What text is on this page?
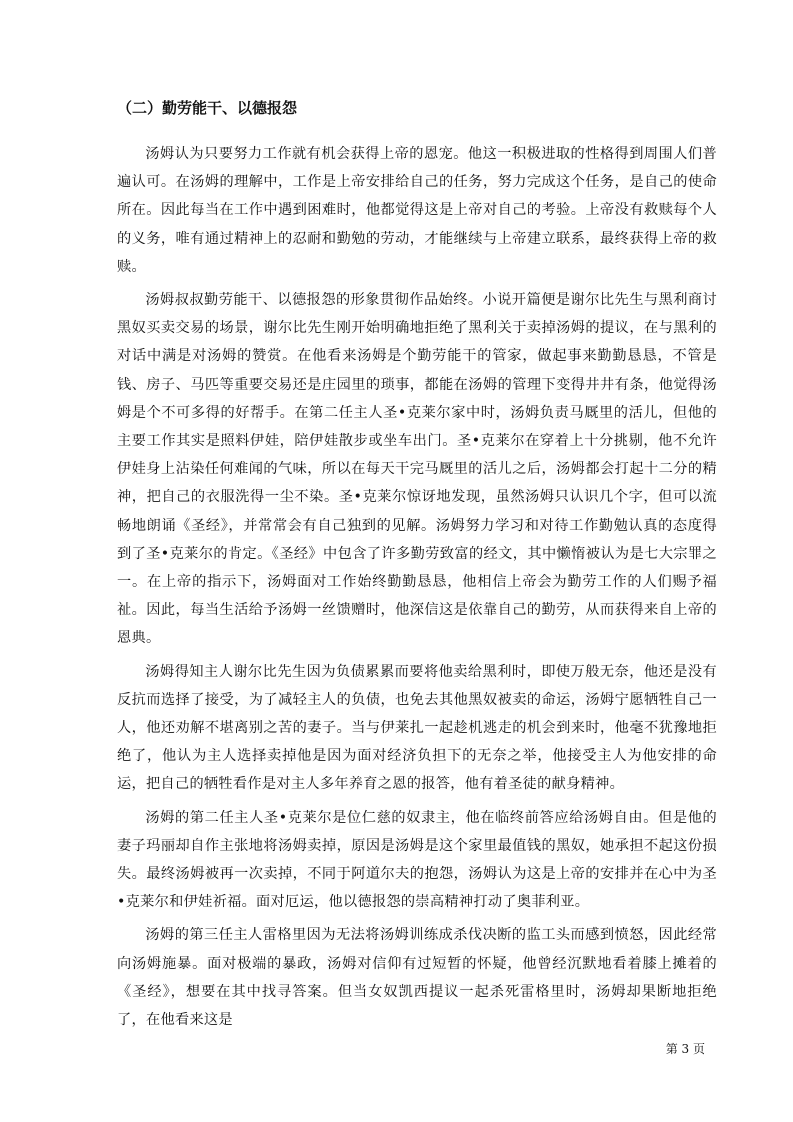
（二）勤劳能干、以德报怨

汤姆认为只要努力工作就有机会获得上帝的恩宠。他这一积极进取的性格得到周围人们普遍认可。在汤姆的理解中，工作是上帝安排给自己的任务，努力完成这个任务，是自己的使命所在。因此每当在工作中遇到困难时，他都觉得这是上帝对自己的考验。上帝没有救赎每个人的义务，唯有通过精神上的忍耐和勤勉的劳动，才能继续与上帝建立联系，最终获得上帝的救赎。

汤姆叔叔勤劳能干、以德报怨的形象贯彻作品始终。小说开篇便是谢尔比先生与黑利商讨黑奴买卖交易的场景，谢尔比先生刚开始明确地拒绝了黑利关于卖掉汤姆的提议，在与黑利的对话中满是对汤姆的赞赏。在他看来汤姆是个勤劳能干的管家，做起事来勤勤恳恳，不管是钱、房子、马匹等重要交易还是庄园里的琐事，都能在汤姆的管理下变得井井有条，他觉得汤姆是个不可多得的好帮手。在第二任主人圣•克莱尔家中时，汤姆负责马厩里的活儿，但他的主要工作其实是照料伊娃，陪伊娃散步或坐车出门。圣•克莱尔在穿着上十分挑剔，他不允许伊娃身上沾染任何难闻的气味，所以在每天干完马厩里的活儿之后，汤姆都会打起十二分的精神，把自己的衣服洗得一尘不染。圣•克莱尔惊讶地发现，虽然汤姆只认识几个字，但可以流畅地朗诵《圣经》，并常常会有自己独到的见解。汤姆努力学习和对待工作勤勉认真的态度得到了圣•克莱尔的肯定。《圣经》中包含了许多勤劳致富的经文，其中懒惰被认为是七大宗罪之一。在上帝的指示下，汤姆面对工作始终勤勤恳恳，他相信上帝会为勤劳工作的人们赐予福祉。因此，每当生活给予汤姆一丝馈赠时，他深信这是依靠自己的勤劳，从而获得来自上帝的恩典。

汤姆得知主人谢尔比先生因为负债累累而要将他卖给黑利时，即使万般无奈，他还是没有反抗而选择了接受，为了减轻主人的负债，也免去其他黑奴被卖的命运，汤姆宁愿牺牲自己一人，他还劝解不堪离别之苦的妻子。当与伊莱扎一起趁机逃走的机会到来时，他毫不犹豫地拒绝了，他认为主人选择卖掉他是因为面对经济负担下的无奈之举，他接受主人为他安排的命运，把自己的牺牲看作是对主人多年养育之恩的报答，他有着圣徒的献身精神。

汤姆的第二任主人圣•克莱尔是位仁慈的奴隶主，他在临终前答应给汤姆自由。但是他的妻子玛丽却自作主张地将汤姆卖掉，原因是汤姆是这个家里最值钱的黑奴，她承担不起这份损失。最终汤姆被再一次卖掉，不同于阿道尔夫的抱怨，汤姆认为这是上帝的安排并在心中为圣•克莱尔和伊娃祈福。面对厄运，他以德报怨的崇高精神打动了奥菲利亚。

汤姆的第三任主人雷格里因为无法将汤姆训练成杀伐决断的监工头而感到愤怒，因此经常向汤姆施暴。面对极端的暴政，汤姆对信仰有过短暂的怀疑，他曾经沉默地看着膝上摊着的《圣经》，想要在其中找寻答案。但当女奴凯西提议一起杀死雷格里时，汤姆却果断地拒绝了，在他看来这是

第 3 页
